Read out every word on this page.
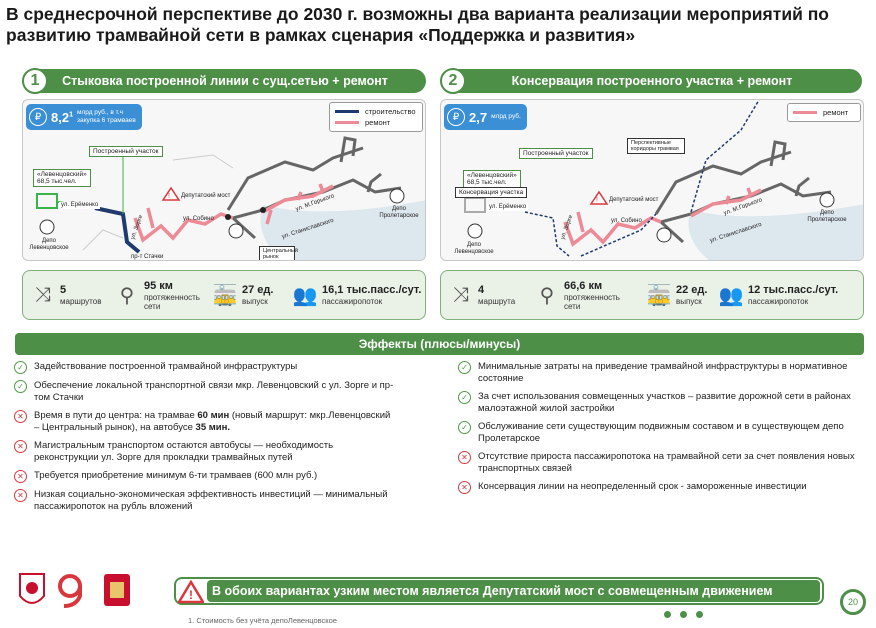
В среднесрочной перспективе до 2030 г. возможны два варианта реализации мероприятий по развитию трамвайной сети в рамках сценария «Поддержка и развития»
Стыковка построенной линии с сущ.сетью + ремонт
1	Консервация построенного участка + ремонт
2
!
₽ $8,2^1$ млрд руб., в т.ч
закупка 6 трамваев
строительство
ремонт
Построенный участок
«Левенцовский»
68,5 тыс.чел.
ул. Ерёменко
Депо Левенцовское
пр-т Стачки
ул. Зорге	ул. Собино
Депутатский мост	ул. М.Горького
ул. Станиславского
Центральный рынок
Депо Пролетарское
!
₽ 2,7 млрд руб.	ремонт
Построенный участок
«Левенцовский»
68,5 тыс.чел.
Консервация участка
ул. Ерёменко
Депо Левенцовское
ул. Зорге	ул. Собино
Депутатский мост	ул. М.Горького
ул. Станиславского
Перспективные коридоры трамвая
Депо Пролетарское
⤨ 5
маршрутов ⚲ 95 км
протяженность сети	🚋 27 ед.
выпуск 👥 16,1 тыс.пасс./сут.
пассажиропоток	⤨ 4
маршрута ⚲ 66,6 км
протяженность сети	🚋 22 ед.
выпуск 👥 12 тыс.пасс./сут.
пассажиропоток
Эффекты (плюсы/минусы)
✓	Задействование построенной трамвайной инфраструктуры
✓	Обеспечение локальной транспортной связи мкр. Левенцовский с ул. Зорге и пр-том Стачки
✕	Время в пути до центра: на трамвае 60 мин (новый маршрут: мкр.Левенцовский – Центральный рынок), на автобусе 35 мин.
✕	Магистральным транспортом остаются автобусы — необходимость реконструкции ул. Зорге для прокладки трамвайных путей
✕	Требуется приобретение минимум 6-ти трамваев (600 млн руб.)
✕	Низкая социально-экономическая эффективность инвестиций — минимальный пассажиропоток на рубль вложений
✓	Минимальные затраты на приведение трамвайной инфраструктуры в нормативное состояние
✓	За счет использования совмещенных участков – развитие дорожной сети в районах малоэтажной жилой застройки
✓	Обслуживание сети существующим подвижным составом и в существующем депо Пролетарское
✕	Отсутствие прироста пассажиропотока на трамвайной сети за счет появления новых транспортных связей
✕	Консервация линии на неопределенный срок - замороженные инвестиции
!	В обоих вариантах узким местом является Депутатский мост с совмещенным движением
20
1. Стоимость без учёта депоЛевенцовское
